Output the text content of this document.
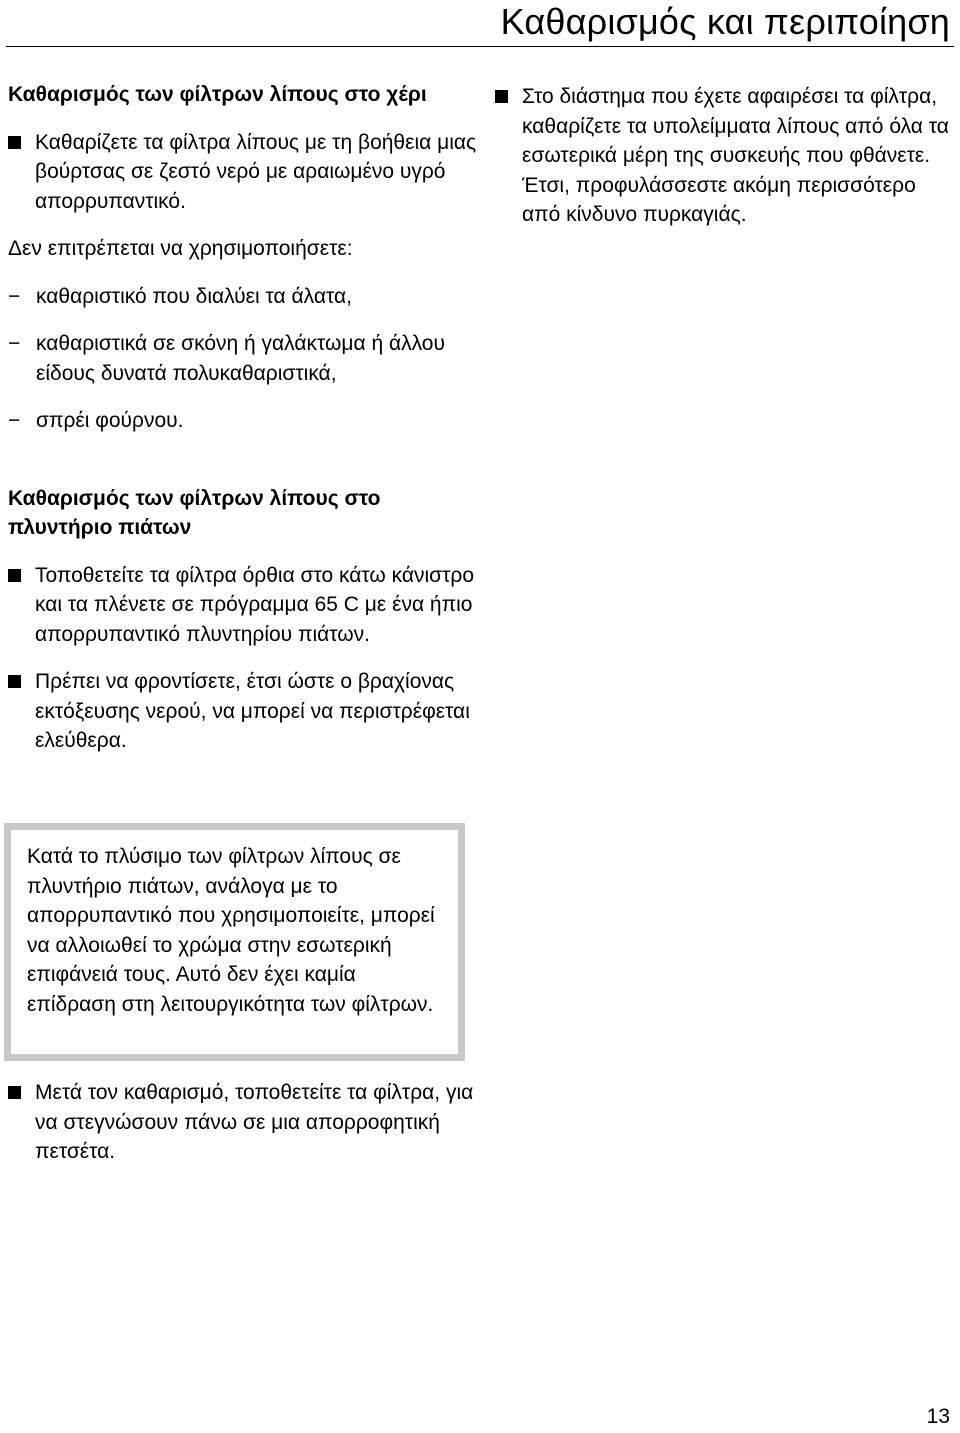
Καθαρισμός και περιποίηση
Καθαρισμός των φίλτρων λίπους στο χέρι
Καθαρίζετε τα φίλτρα λίπους με τη βοήθεια μιας βούρτσας σε ζεστό νερό με αραιωμένο υγρό απορρυπαντικό.
Δεν επιτρέπεται να χρησιμοποιήσετε:
− καθαριστικό που διαλύει τα άλατα,
− καθαριστικά σε σκόνη ή γαλάκτωμα ή άλλου είδους δυνατά πολυκαθαριστικά,
− σπρέι φούρνου.
Καθαρισμός των φίλτρων λίπους στο πλυντήριο πιάτων
Τοποθετείτε τα φίλτρα όρθια στο κάτω κάνιστρο και τα πλένετε σε πρόγραμμα 65 C με ένα ήπιο απορρυπαντικό πλυντηρίου πιάτων.
Πρέπει να φροντίσετε, έτσι ώστε ο βραχίονας εκτόξευσης νερού, να μπορεί να περιστρέφεται ελεύθερα.
Κατά το πλύσιμο των φίλτρων λίπους σε πλυντήριο πιάτων, ανάλογα με το απορρυπαντικό που χρησιμοποιείτε, μπορεί να αλλοιωθεί το χρώμα στην εσωτερική επιφάνειά τους. Αυτό δεν έχει καμία επίδραση στη λειτουργικότητα των φίλτρων.
Μετά τον καθαρισμό, τοποθετείτε τα φίλτρα, για να στεγνώσουν πάνω σε μια απορροφητική πετσέτα.
Στο διάστημα που έχετε αφαιρέσει τα φίλτρα, καθαρίζετε τα υπολείμματα λίπους από όλα τα εσωτερικά μέρη της συσκευής που φθάνετε. Έτσι, προφυλάσσεστε ακόμη περισσότερο από κίνδυνο πυρκαγιάς.
13
